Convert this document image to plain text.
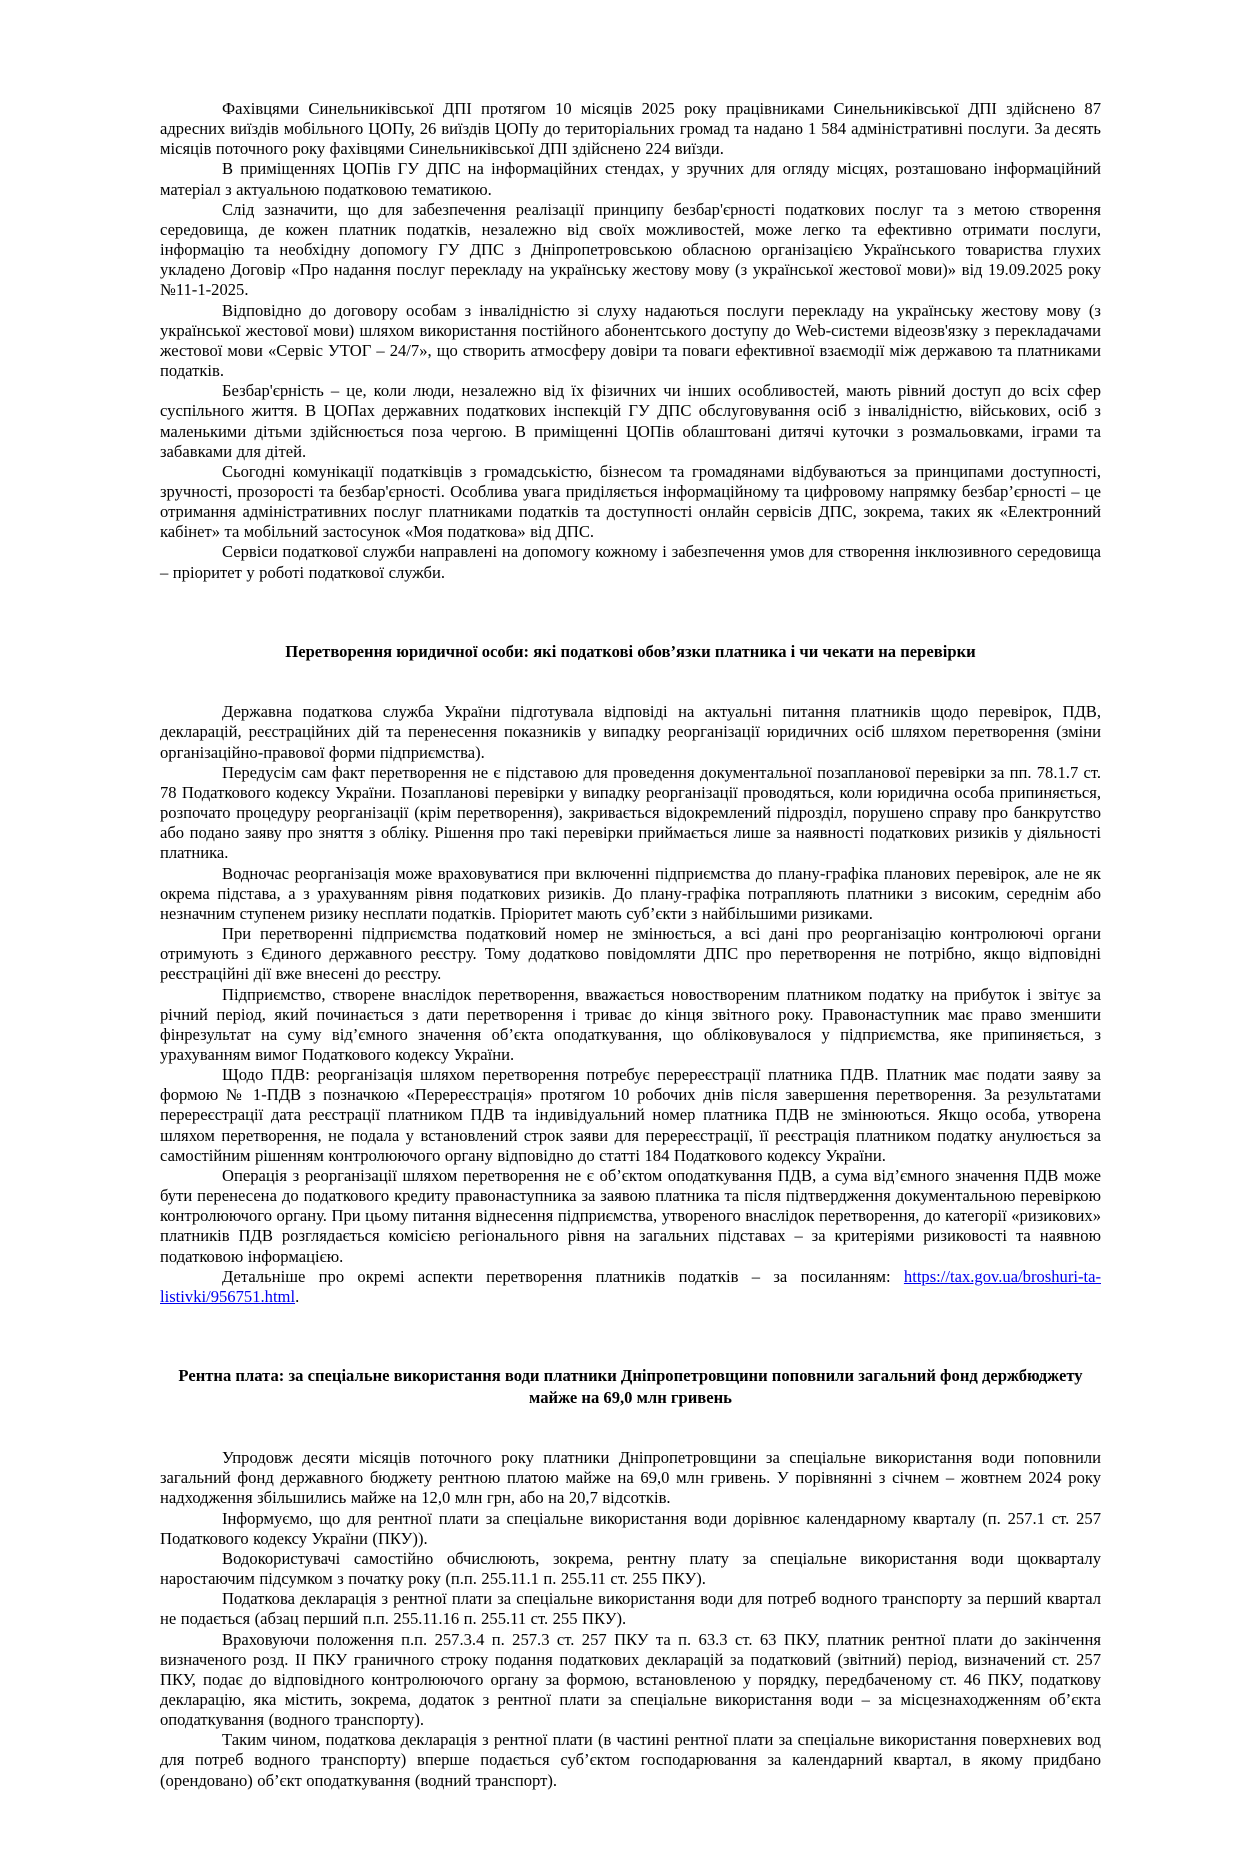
Фахівцями Синельниківської ДПІ протягом 10 місяців 2025 року працівниками Синельниківської ДПІ здійснено 87 адресних виїздів мобільного ЦОПу, 26 виїздів ЦОПу до територіальних громад та надано 1 584 адміністративні послуги. За десять місяців поточного року фахівцями Синельниківської ДПІ здійснено 224 виїзди.

В приміщеннях ЦОПів ГУ ДПС на інформаційних стендах, у зручних для огляду місцях, розташовано інформаційний матеріал з актуальною податковою тематикою.

Слід зазначити, що для забезпечення реалізації принципу безбар'єрності податкових послуг та з метою створення середовища, де кожен платник податків, незалежно від своїх можливостей, може легко та ефективно отримати послуги, інформацію та необхідну допомогу ГУ ДПС з Дніпропетровською обласною організацією Українського товариства глухих укладено Договір «Про надання послуг перекладу на українську жестову мову (з української жестової мови)» від 19.09.2025 року №11-1-2025.

Відповідно до договору особам з інвалідністю зі слуху надаються послуги перекладу на українську жестову мову (з української жестової мови) шляхом використання постійного абонентського доступу до Web-системи відеозв'язку з перекладачами жестової мови «Сервіс УТОГ – 24/7», що створить атмосферу довіри та поваги ефективної взаємодії між державою та платниками податків.

Безбар'єрність – це, коли люди, незалежно від їх фізичних чи інших особливостей, мають рівний доступ до всіх сфер суспільного життя. В ЦОПах державних податкових інспекцій ГУ ДПС обслуговування осіб з інвалідністю, військових, осіб з маленькими дітьми здійснюється поза чергою. В приміщенні ЦОПів облаштовані дитячі куточки з розмальовками, іграми та забавками для дітей.

Сьогодні комунікації податківців з громадськістю, бізнесом та громадянами відбуваються за принципами доступності, зручності, прозорості та безбар'єрності. Особлива увага приділяється інформаційному та цифровому напрямку безбар’єрності – це отримання адміністративних послуг платниками податків та доступності онлайн сервісів ДПС, зокрема, таких як «Електронний кабінет» та мобільний застосунок «Моя податкова» від ДПС.

Сервіси податкової служби направлені на допомогу кожному і забезпечення умов для створення інклюзивного середовища – пріоритет у роботі податкової служби.

Перетворення юридичної особи: які податкові обов’язки платника і чи чекати на перевірки

Державна податкова служба України підготувала відповіді на актуальні питання платників щодо перевірок, ПДВ, декларацій, реєстраційних дій та перенесення показників у випадку реорганізації юридичних осіб шляхом перетворення (зміни організаційно-правової форми підприємства).

Передусім сам факт перетворення не є підставою для проведення документальної позапланової перевірки за пп. 78.1.7 ст. 78 Податкового кодексу України. Позапланові перевірки у випадку реорганізації проводяться, коли юридична особа припиняється, розпочато процедуру реорганізації (крім перетворення), закривається відокремлений підрозділ, порушено справу про банкрутство або подано заяву про зняття з обліку. Рішення про такі перевірки приймається лише за наявності податкових ризиків у діяльності платника.

Водночас реорганізація може враховуватися при включенні підприємства до плану-графіка планових перевірок, але не як окрема підстава, а з урахуванням рівня податкових ризиків. До плану-графіка потрапляють платники з високим, середнім або незначним ступенем ризику несплати податків. Пріоритет мають суб’єкти з найбільшими ризиками.

При перетворенні підприємства податковий номер не змінюється, а всі дані про реорганізацію контролюючі органи отримують з Єдиного державного реєстру. Тому додатково повідомляти ДПС про перетворення не потрібно, якщо відповідні реєстраційні дії вже внесені до реєстру.

Підприємство, створене внаслідок перетворення, вважається новоствореним платником податку на прибуток і звітує за річний період, який починається з дати перетворення і триває до кінця звітного року. Правонаступник має право зменшити фінрезультат на суму від’ємного значення об’єкта оподаткування, що обліковувалося у підприємства, яке припиняється, з урахуванням вимог Податкового кодексу України.

Щодо ПДВ: реорганізація шляхом перетворення потребує перереєстрації платника ПДВ. Платник має подати заяву за формою № 1-ПДВ з позначкою «Перереєстрація» протягом 10 робочих днів після завершення перетворення. За результатами перереєстрації дата реєстрації платником ПДВ та індивідуальний номер платника ПДВ не змінюються. Якщо особа, утворена шляхом перетворення, не подала у встановлений строк заяви для перереєстрації, її реєстрація платником податку анулюється за самостійним рішенням контролюючого органу відповідно до статті 184 Податкового кодексу України.

Операція з реорганізації шляхом перетворення не є об’єктом оподаткування ПДВ, а сума від’ємного значення ПДВ може бути перенесена до податкового кредиту правонаступника за заявою платника та після підтвердження документальною перевіркою контролюючого органу. При цьому питання віднесення підприємства, утвореного внаслідок перетворення, до категорії «ризикових» платників ПДВ розглядається комісією регіонального рівня на загальних підставах – за критеріями ризиковості та наявною податковою інформацією.

Детальніше про окремі аспекти перетворення платників податків – за посиланням: https://tax.gov.ua/broshuri-ta-listivki/956751.html.

Рентна плата: за спеціальне використання води платники Дніпропетровщини поповнили загальний фонд держбюджету майже на 69,0 млн гривень

Упродовж десяти місяців поточного року платники Дніпропетровщини за спеціальне використання води поповнили загальний фонд державного бюджету рентною платою майже на 69,0 млн гривень. У порівнянні з січнем – жовтнем 2024 року надходження збільшились майже на 12,0 млн грн, або на 20,7 відсотків.

Інформуємо, що для рентної плати за спеціальне використання води дорівнює календарному кварталу (п. 257.1 ст. 257 Податкового кодексу України (ПКУ)).

Водокористувачі самостійно обчислюють, зокрема, рентну плату за спеціальне використання води щокварталу наростаючим підсумком з початку року (п.п. 255.11.1 п. 255.11 ст. 255 ПКУ).

Податкова декларація з рентної плати за спеціальне використання води для потреб водного транспорту за перший квартал не подається (абзац перший п.п. 255.11.16 п. 255.11 ст. 255 ПКУ).

Враховуючи положення п.п. 257.3.4 п. 257.3 ст. 257 ПКУ та п. 63.3 ст. 63 ПКУ, платник рентної плати до закінчення визначеного розд. ІІ ПКУ граничного строку подання податкових декларацій за податковий (звітний) період, визначений ст. 257 ПКУ, подає до відповідного контролюючого органу за формою, встановленою у порядку, передбаченому ст. 46 ПКУ, податкову декларацію, яка містить, зокрема, додаток з рентної плати за спеціальне використання води – за місцезнаходженням об’єкта оподаткування (водного транспорту).

Таким чином, податкова декларація з рентної плати (в частині рентної плати за спеціальне використання поверхневих вод для потреб водного транспорту) вперше подається суб’єктом господарювання за календарний квартал, в якому придбано (орендовано) об’єкт оподаткування (водний транспорт).
